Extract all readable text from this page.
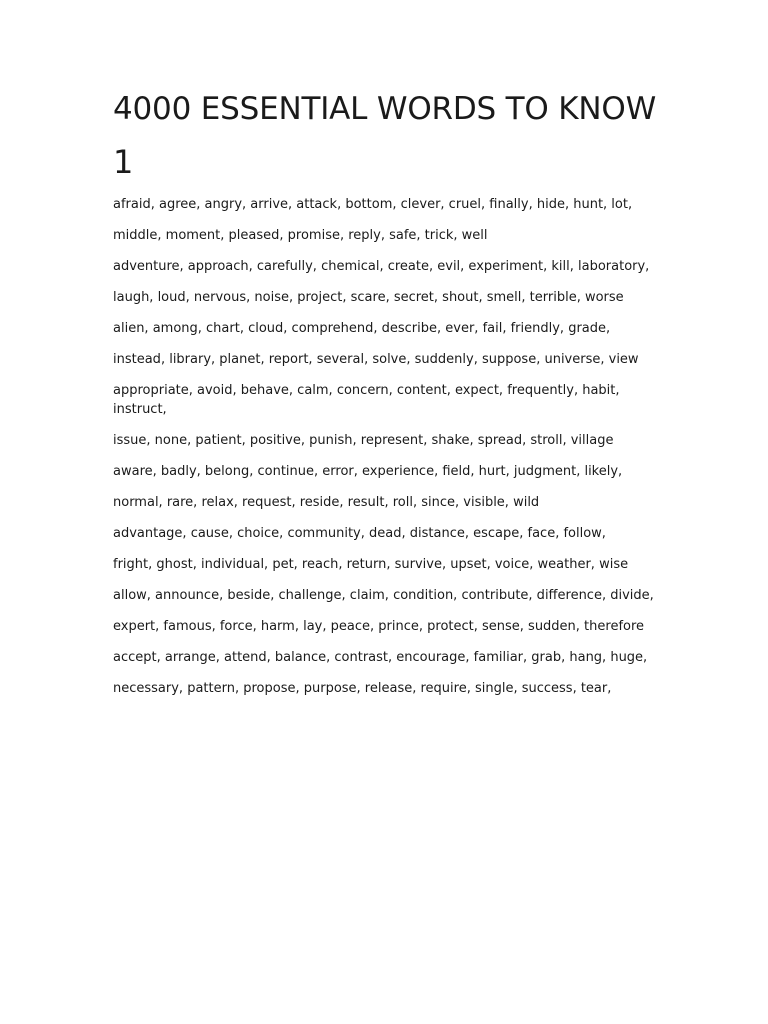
4000 ESSENTIAL WORDS TO KNOW
1

afraid, agree, angry, arrive, attack, bottom, clever, cruel, finally, hide, hunt, lot,

middle, moment, pleased, promise, reply, safe, trick, well

adventure, approach, carefully, chemical, create, evil, experiment, kill, laboratory,

laugh, loud, nervous, noise, project, scare, secret, shout, smell, terrible, worse

alien, among, chart, cloud, comprehend, describe, ever, fail, friendly, grade,

instead, library, planet, report, several, solve, suddenly, suppose, universe, view

appropriate, avoid, behave, calm, concern, content, expect, frequently, habit, instruct,

issue, none, patient, positive, punish, represent, shake, spread, stroll, village

aware, badly, belong, continue, error, experience, field, hurt, judgment, likely,

normal, rare, relax, request, reside, result, roll, since, visible, wild

advantage, cause, choice, community, dead, distance, escape, face, follow,

fright, ghost, individual, pet, reach, return, survive, upset, voice, weather, wise

allow, announce, beside, challenge, claim, condition, contribute, difference, divide,

expert, famous, force, harm, lay, peace, prince, protect, sense, sudden, therefore

accept, arrange, attend, balance, contrast, encourage, familiar, grab, hang, huge,

necessary, pattern, propose, purpose, release, require, single, success, tear,
